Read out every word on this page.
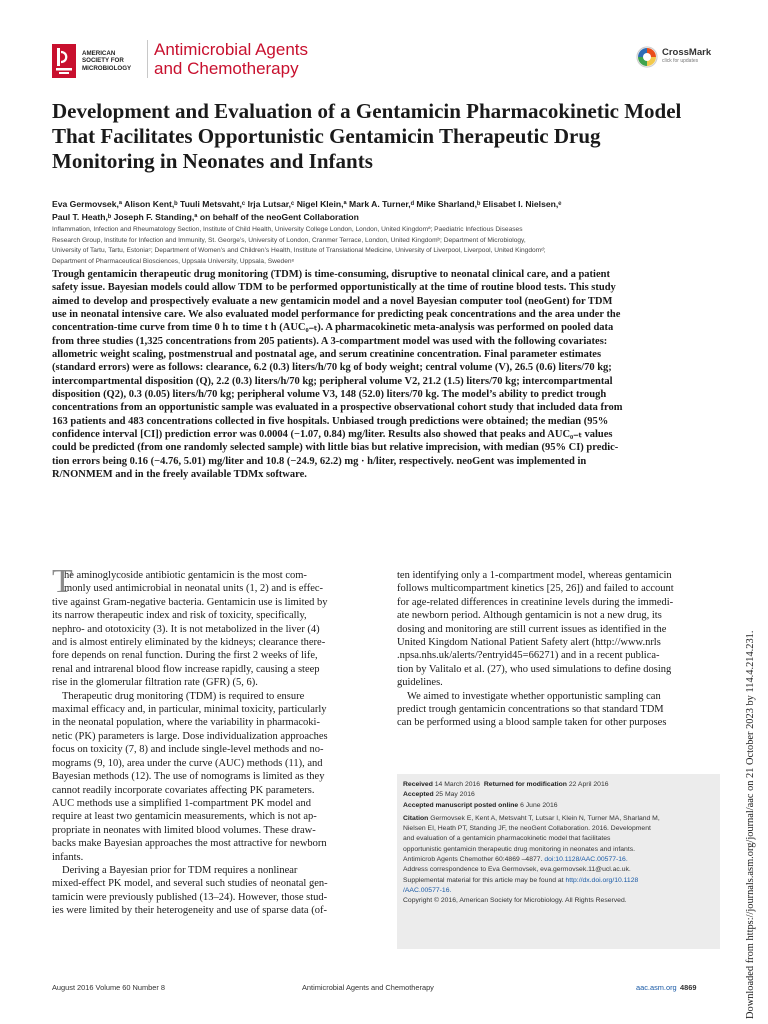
AMERICAN
SOCIETY FOR
MICROBIOLOGY
Antimicrobial Agents
and Chemotherapy
CrossMark
click for updates
Development and Evaluation of a Gentamicin Pharmacokinetic Model
That Facilitates Opportunistic Gentamicin Therapeutic Drug
Monitoring in Neonates and Infants
Eva Germovsek,ª Alison Kent,ᵇ Tuuli Metsvaht,ᶜ Irja Lutsar,ᶜ Nigel Klein,ª Mark A. Turner,ᵈ Mike Sharland,ᵇ Elisabet I. Nielsen,ᵉ
Paul T. Heath,ᵇ Joseph F. Standing,ª on behalf of the neoGent Collaboration
Inflammation, Infection and Rheumatology Section, Institute of Child Health, University College London, London, United Kingdomª; Paediatric Infectious Diseases
Research Group, Institute for Infection and Immunity, St. George’s, University of London, Cranmer Terrace, London, United Kingdomᵇ; Department of Microbiology,
University of Tartu, Tartu, Estoniaᶜ; Department of Women’s and Children’s Health, Institute of Translational Medicine, University of Liverpool, Liverpool, United Kingdomᵈ;
Department of Pharmaceutical Biosciences, Uppsala University, Uppsala, Swedenᵉ

Trough gentamicin therapeutic drug monitoring (TDM) is time-consuming, disruptive to neonatal clinical care, and a patient

safety issue. Bayesian models could allow TDM to be performed opportunistically at the time of routine blood tests. This study

aimed to develop and prospectively evaluate a new gentamicin model and a novel Bayesian computer tool (neoGent) for TDM

use in neonatal intensive care. We also evaluated model performance for predicting peak concentrations and the area under the

concentration-time curve from time 0 h to time t h (AUC₀₋ₜ). A pharmacokinetic meta-analysis was performed on pooled data

from three studies (1,325 concentrations from 205 patients). A 3-compartment model was used with the following covariates:

allometric weight scaling, postmenstrual and postnatal age, and serum creatinine concentration. Final parameter estimates

(standard errors) were as follows: clearance, 6.2 (0.3) liters/h/70 kg of body weight; central volume (V), 26.5 (0.6) liters/70 kg;

intercompartmental disposition (Q), 2.2 (0.3) liters/h/70 kg; peripheral volume V2, 21.2 (1.5) liters/70 kg; intercompartmental

disposition (Q2), 0.3 (0.05) liters/h/70 kg; peripheral volume V3, 148 (52.0) liters/70 kg. The model’s ability to predict trough

concentrations from an opportunistic sample was evaluated in a prospective observational cohort study that included data from

163 patients and 483 concentrations collected in five hospitals. Unbiased trough predictions were obtained; the median (95%

confidence interval [CI]) prediction error was 0.0004 (−1.07, 0.84) mg/liter. Results also showed that peaks and AUC₀₋ₜ values

could be predicted (from one randomly selected sample) with little bias but relative imprecision, with median (95% CI) predic-

tion errors being 0.16 (−4.76, 5.01) mg/liter and 10.8 (−24.9, 62.2) mg · h/liter, respectively. neoGent was implemented in

R/NONMEM and in the freely available TDMx software.

T
he aminoglycoside antibiotic gentamicin is the most com-

monly used antimicrobial in neonatal units (1, 2) and is effec-

tive against Gram-negative bacteria. Gentamicin use is limited by

its narrow therapeutic index and risk of toxicity, specifically,

nephro- and ototoxicity (3). It is not metabolized in the liver (4)

and is almost entirely eliminated by the kidneys; clearance there-

fore depends on renal function. During the first 2 weeks of life,

renal and intrarenal blood flow increase rapidly, causing a steep

rise in the glomerular filtration rate (GFR) (5, 6).

Therapeutic drug monitoring (TDM) is required to ensure

maximal efficacy and, in particular, minimal toxicity, particularly

in the neonatal population, where the variability in pharmacoki-

netic (PK) parameters is large. Dose individualization approaches

focus on toxicity (7, 8) and include single-level methods and no-

mograms (9, 10), area under the curve (AUC) methods (11), and

Bayesian methods (12). The use of nomograms is limited as they

cannot readily incorporate covariates affecting PK parameters.

AUC methods use a simplified 1-compartment PK model and

require at least two gentamicin measurements, which is not ap-

propriate in neonates with limited blood volumes. These draw-

backs make Bayesian approaches the most attractive for newborn

infants.

Deriving a Bayesian prior for TDM requires a nonlinear

mixed-effect PK model, and several such studies of neonatal gen-

tamicin were previously published (13–24). However, those stud-

ies were limited by their heterogeneity and use of sparse data (of-

ten identifying only a 1-compartment model, whereas gentamicin

follows multicompartment kinetics [25, 26]) and failed to account

for age-related differences in creatinine levels during the immedi-

ate newborn period. Although gentamicin is not a new drug, its

dosing and monitoring are still current issues as identified in the

United Kingdom National Patient Safety alert (http://www.nrls

.npsa.nhs.uk/alerts/?entryid45=66271) and in a recent publica-

tion by Valitalo et al. (27), who used simulations to define dosing

guidelines.

We aimed to investigate whether opportunistic sampling can

predict trough gentamicin concentrations so that standard TDM

can be performed using a blood sample taken for other purposes

Received 14 March 2016 Returned for modification 22 April 2016
Accepted 25 May 2016
Accepted manuscript posted online 6 June 2016
Citation Germovsek E, Kent A, Metsvaht T, Lutsar I, Klein N, Turner MA, Sharland M,
Nielsen EI, Heath PT, Standing JF, the neoGent Collaboration. 2016. Development
and evaluation of a gentamicin pharmacokinetic model that facilitates
opportunistic gentamicin therapeutic drug monitoring in neonates and infants.
Antimicrob Agents Chemother 60:4869 –4877. doi:10.1128/AAC.00577-16.
Address correspondence to Eva Germovsek, eva.germovsek.11@ucl.ac.uk.
Supplemental material for this article may be found at http://dx.doi.org/10.1128
/AAC.00577-16.
Copyright © 2016, American Society for Microbiology. All Rights Reserved.	Downloaded from https://journals.asm.org/journal/aac on 21 October 2023 by 114.4.214.231.
August 2016 Volume 60 Number 8	Antimicrobial Agents and Chemotherapy	aac.asm.org 4869
